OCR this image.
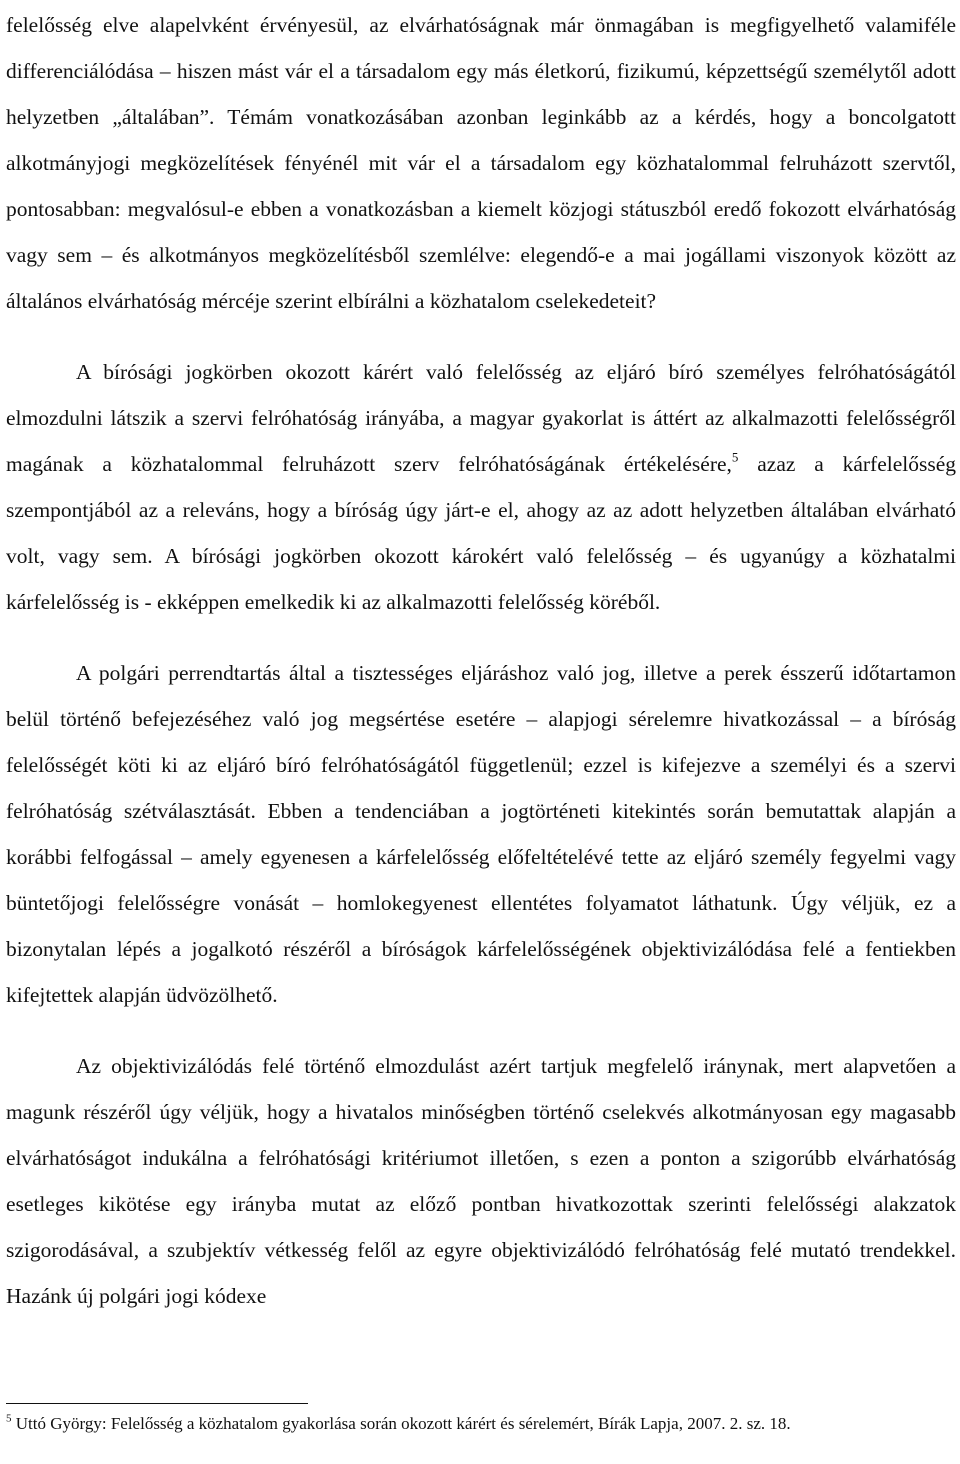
felelősség elve alapelvként érvényesül, az elvárhatóságnak már önmagában is megfigyelhető valamiféle differenciálódása – hiszen mást vár el a társadalom egy más életkorú, fizikumú, képzettségű személytől adott helyzetben „általában”. Témám vonatkozásában azonban leginkább az a kérdés, hogy a boncolgatott alkotmányjogi megközelítések fényénél mit vár el a társadalom egy közhatalommal felruházott szervtől, pontosabban: megvalósul-e ebben a vonatkozásban a kiemelt közjogi státuszból eredő fokozott elvárhatóság vagy sem – és alkotmányos megközelítésből szemlélve: elegendő-e a mai jogállami viszonyok között az általános elvárhatóság mércéje szerint elbírálni a közhatalom cselekedeteit?

A bírósági jogkörben okozott kárért való felelősség az eljáró bíró személyes felróhatóságától elmozdulni látszik a szervi felróhatóság irányába, a magyar gyakorlat is áttért az alkalmazotti felelősségről magának a közhatalommal felruházott szerv felróhatóságának értékelésére,$^5$ azaz a kárfelelősség szempontjából az a releváns, hogy a bíróság úgy járt-e el, ahogy az az adott helyzetben általában elvárható volt, vagy sem. A bírósági jogkörben okozott károkért való felelősség – és ugyanúgy a közhatalmi kárfelelősség is - ekképpen emelkedik ki az alkalmazotti felelősség köréből.

A polgári perrendtartás által a tisztességes eljáráshoz való jog, illetve a perek ésszerű időtartamon belül történő befejezéséhez való jog megsértése esetére – alapjogi sérelemre hivatkozással – a bíróság felelősségét köti ki az eljáró bíró felróhatóságától függetlenül; ezzel is kifejezve a személyi és a szervi felróhatóság szétválasztását. Ebben a tendenciában a jogtörténeti kitekintés során bemutattak alapján a korábbi felfogással – amely egyenesen a kárfelelősség előfeltételévé tette az eljáró személy fegyelmi vagy büntetőjogi felelősségre vonását – homlokegyenest ellentétes folyamatot láthatunk. Úgy véljük, ez a bizonytalan lépés a jogalkotó részéről a bíróságok kárfelelősségének objektivizálódása felé a fentiekben kifejtettek alapján üdvözölhető.

Az objektivizálódás felé történő elmozdulást azért tartjuk megfelelő iránynak, mert alapvetően a magunk részéről úgy véljük, hogy a hivatalos minőségben történő cselekvés alkotmányosan egy magasabb elvárhatóságot indukálna a felróhatósági kritériumot illetően, s ezen a ponton a szigorúbb elvárhatóság esetleges kikötése egy irányba mutat az előző pontban hivatkozottak szerinti felelősségi alakzatok szigorodásával, a szubjektív vétkesség felől az egyre objektivizálódó felróhatóság felé mutató trendekkel. Hazánk új polgári jogi kódexe

$^5$ Uttó György: Felelősség a közhatalom gyakorlása során okozott kárért és sérelemért, Bírák Lapja, 2007. 2. sz. 18.
